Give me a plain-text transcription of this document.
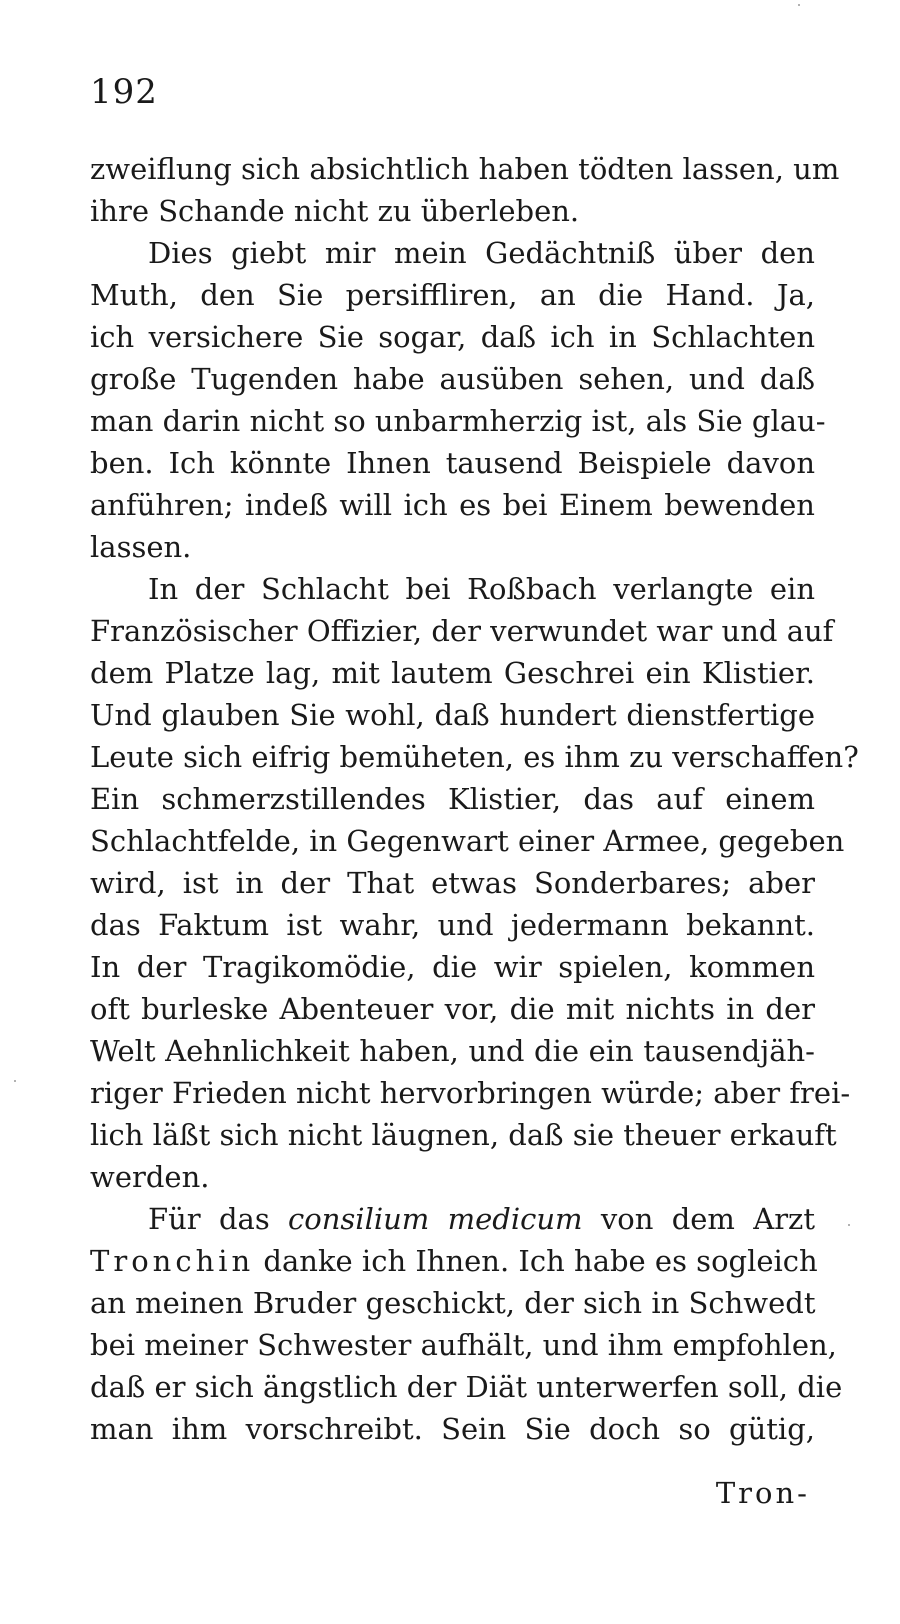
192
zweiflung sich absichtlich haben tödten lassen, um
ihre Schande nicht zu überleben.
Dies giebt mir mein Gedächtniß über den
Muth, den Sie persiffliren, an die Hand. Ja,
ich versichere Sie sogar, daß ich in Schlachten
große Tugenden habe ausüben sehen, und daß
man darin nicht so unbarmherzig ist, als Sie glau-
ben. Ich könnte Ihnen tausend Beispiele davon
anführen; indeß will ich es bei Einem bewenden
lassen.
In der Schlacht bei Roßbach verlangte ein
Französischer Offizier, der verwundet war und auf
dem Platze lag, mit lautem Geschrei ein Klistier.
Und glauben Sie wohl, daß hundert dienstfertige
Leute sich eifrig bemüheten, es ihm zu verschaffen?
Ein schmerzstillendes Klistier, das auf einem
Schlachtfelde, in Gegenwart einer Armee, gegeben
wird, ist in der That etwas Sonderbares; aber
das Faktum ist wahr, und jedermann bekannt.
In der Tragikomödie, die wir spielen, kommen
oft burleske Abenteuer vor, die mit nichts in der
Welt Aehnlichkeit haben, und die ein tausendjäh-
riger Frieden nicht hervorbringen würde; aber frei-
lich läßt sich nicht läugnen, daß sie theuer erkauft
werden.
Für das consilium medicum von dem Arzt
Tronchin danke ich Ihnen. Ich habe es sogleich
an meinen Bruder geschickt, der sich in Schwedt
bei meiner Schwester aufhält, und ihm empfohlen,
daß er sich ängstlich der Diät unterwerfen soll, die
man ihm vorschreibt. Sein Sie doch so gütig,
Tron-
